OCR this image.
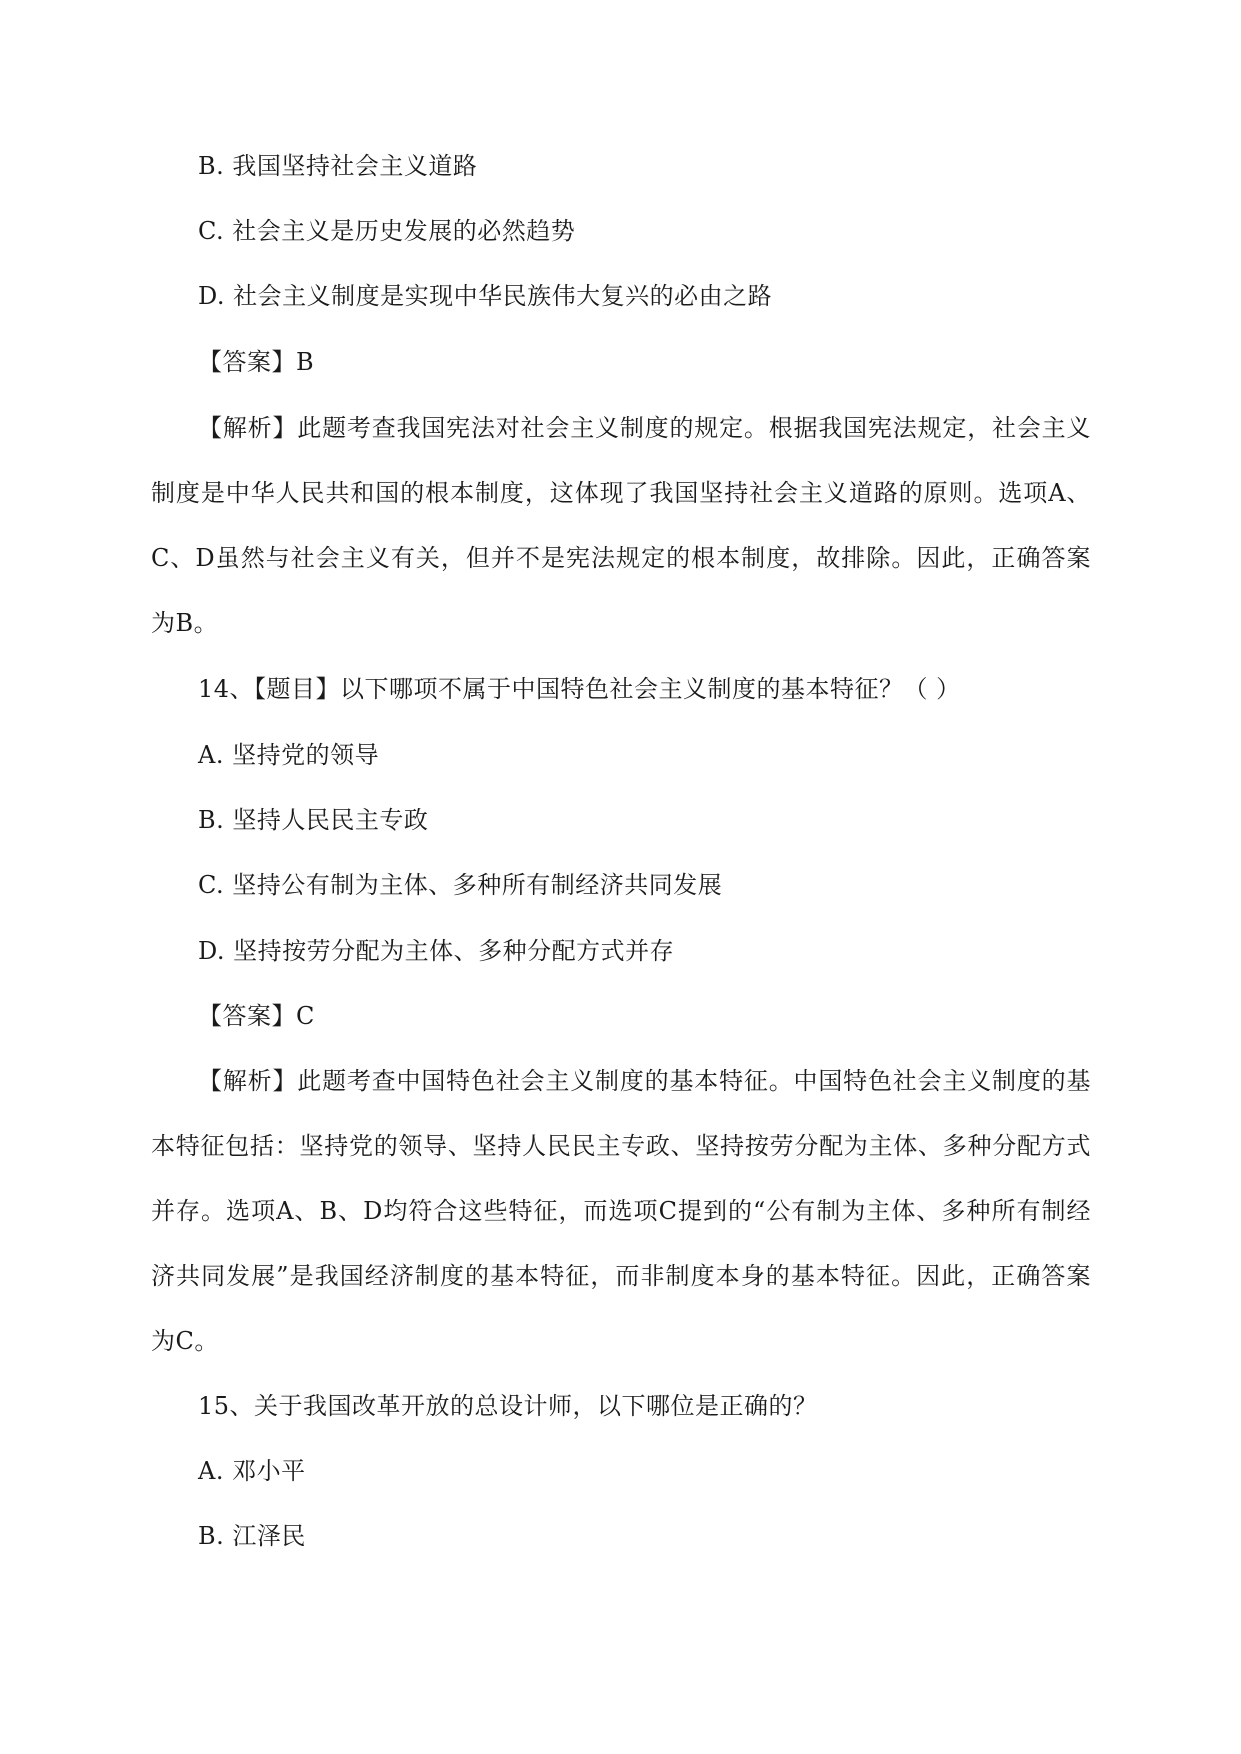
B. 我国坚持社会主义道路
C. 社会主义是历史发展的必然趋势
D. 社会主义制度是实现中华民族伟大复兴的必由之路
【答案】B
【解析】此题考查我国宪法对社会主义制度的规定。根据我国宪法规定，社会主义制度是中华人民共和国的根本制度，这体现了我国坚持社会主义道路的原则。选项A、C、D虽然与社会主义有关，但并不是宪法规定的根本制度，故排除。因此，正确答案为B。
14、【题目】以下哪项不属于中国特色社会主义制度的基本特征？（ ）
A. 坚持党的领导
B. 坚持人民民主专政
C. 坚持公有制为主体、多种所有制经济共同发展
D. 坚持按劳分配为主体、多种分配方式并存
【答案】C
【解析】此题考查中国特色社会主义制度的基本特征。中国特色社会主义制度的基本特征包括：坚持党的领导、坚持人民民主专政、坚持按劳分配为主体、多种分配方式并存。选项A、B、D均符合这些特征，而选项C提到的“公有制为主体、多种所有制经济共同发展”是我国经济制度的基本特征，而非制度本身的基本特征。因此，正确答案为C。
15、关于我国改革开放的总设计师，以下哪位是正确的？
A. 邓小平
B. 江泽民
